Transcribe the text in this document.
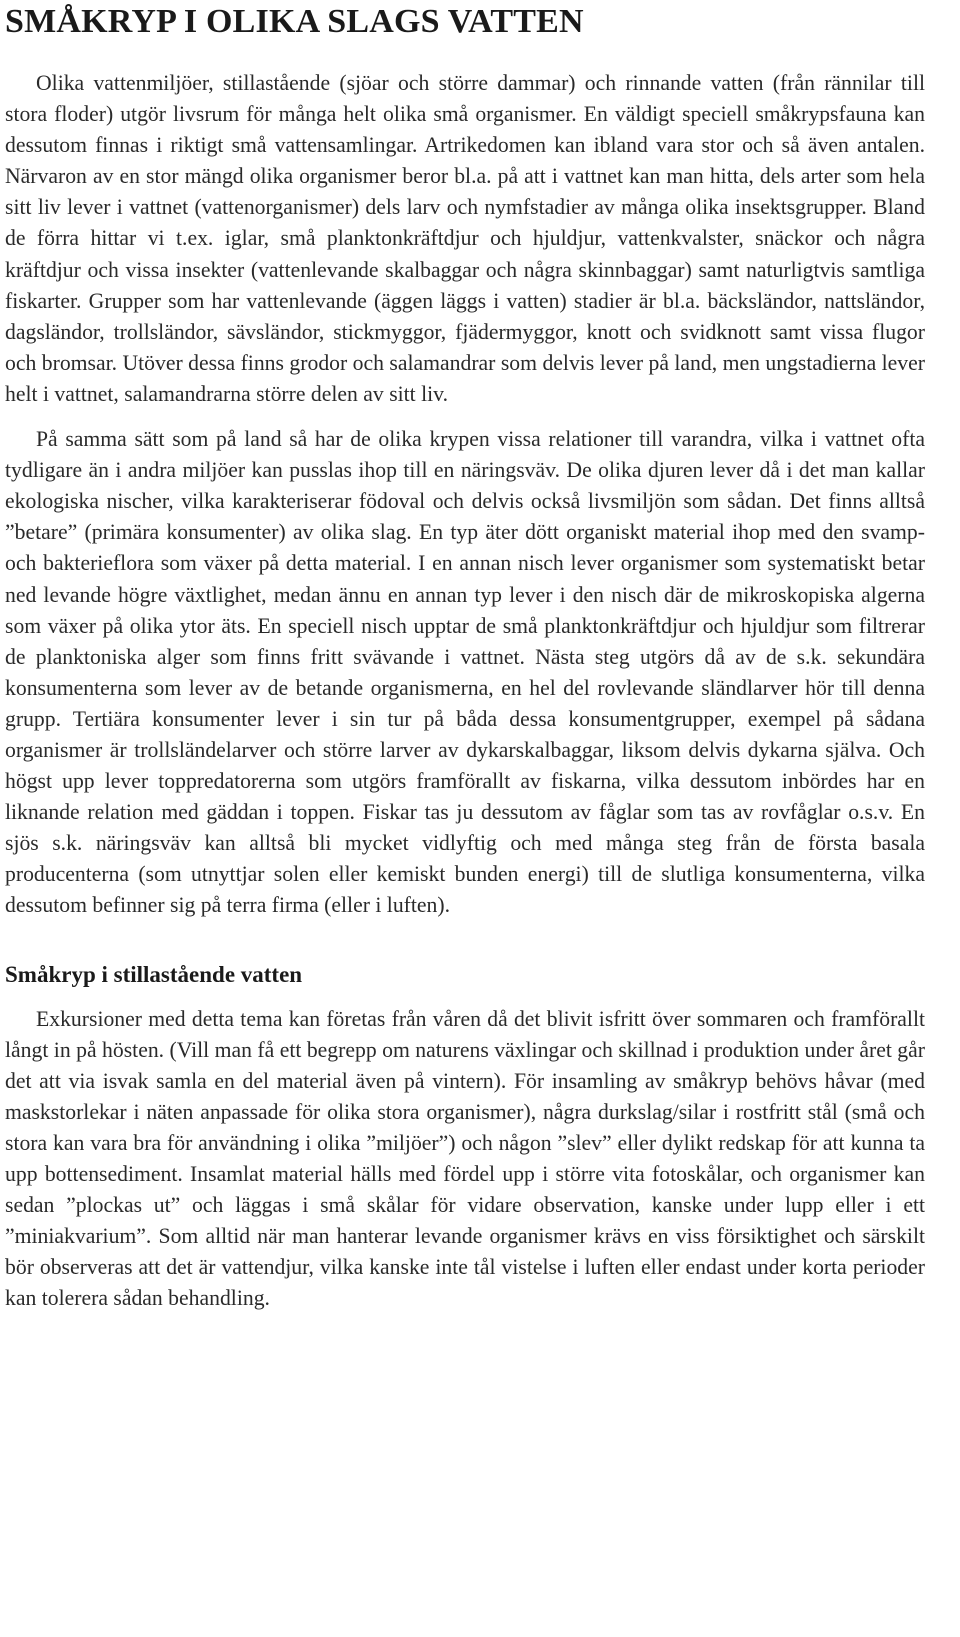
SMÅKRYP I OLIKA SLAGS VATTEN

Olika vattenmiljöer, stillastående (sjöar och större dammar) och rinnande vatten (från rännilar till stora floder) utgör livsrum för många helt olika små organismer. En väldigt speciell småkrypsfauna kan dessutom finnas i riktigt små vattensamlingar. Artrikedomen kan ibland vara stor och så även antalen. Närvaron av en stor mängd olika organismer beror bl.a. på att i vattnet kan man hitta, dels arter som hela sitt liv lever i vattnet (vattenorganismer) dels larv och nymfstadier av många olika insektsgrupper. Bland de förra hittar vi t.ex. iglar, små planktonkräftdjur och hjuldjur, vattenkvalster, snäckor och några kräftdjur och vissa insekter (vattenlevande skalbaggar och några skinnbaggar) samt naturligtvis samtliga fiskarter. Grupper som har vattenlevande (äggen läggs i vatten) stadier är bl.a. bäcksländor, nattsländor, dagsländor, trollsländor, sävsländor, stickmyggor, fjädermyggor, knott och svidknott samt vissa flugor och bromsar. Utöver dessa finns grodor och salamandrar som delvis lever på land, men ungstadierna lever helt i vattnet, salamandrarna större delen av sitt liv.

På samma sätt som på land så har de olika krypen vissa relationer till varandra, vilka i vattnet ofta tydligare än i andra miljöer kan pusslas ihop till en näringsväv. De olika djuren lever då i det man kallar ekologiska nischer, vilka karakteriserar födoval och delvis också livsmiljön som sådan. Det finns alltså ”betare” (primära konsumenter) av olika slag. En typ äter dött organiskt material ihop med den svamp- och bakterieflora som växer på detta material. I en annan nisch lever organismer som systematiskt betar ned levande högre växtlighet, medan ännu en annan typ lever i den nisch där de mikroskopiska algerna som växer på olika ytor äts. En speciell nisch upptar de små planktonkräftdjur och hjuldjur som filtrerar de planktoniska alger som finns fritt svävande i vattnet. Nästa steg utgörs då av de s.k. sekundära konsumenterna som lever av de betande organismerna, en hel del rovlevande sländlarver hör till denna grupp. Tertiära konsumenter lever i sin tur på båda dessa konsumentgrupper, exempel på sådana organismer är trollsländelarver och större larver av dykarskalbaggar, liksom delvis dykarna själva. Och högst upp lever toppredatorerna som utgörs framförallt av fiskarna, vilka dessutom inbördes har en liknande relation med gäddan i toppen. Fiskar tas ju dessutom av fåglar som tas av rovfåglar o.s.v. En sjös s.k. näringsväv kan alltså bli mycket vidlyftig och med många steg från de första basala producenterna (som utnyttjar solen eller kemiskt bunden energi) till de slutliga konsumenterna, vilka dessutom befinner sig på terra firma (eller i luften).

Småkryp i stillastående vatten

Exkursioner med detta tema kan företas från våren då det blivit isfritt över sommaren och framförallt långt in på hösten. (Vill man få ett begrepp om naturens växlingar och skillnad i produktion under året går det att via isvak samla en del material även på vintern). För insamling av småkryp behövs håvar (med maskstorlekar i näten anpassade för olika stora organismer), några durkslag/silar i rostfritt stål (små och stora kan vara bra för användning i olika ”miljöer”) och någon ”slev” eller dylikt redskap för att kunna ta upp bottensediment. Insamlat material hälls med fördel upp i större vita fotoskålar, och organismer kan sedan ”plockas ut” och läggas i små skålar för vidare observation, kanske under lupp eller i ett ”miniakvarium”. Som alltid när man hanterar levande organismer krävs en viss försiktighet och särskilt bör observeras att det är vattendjur, vilka kanske inte tål vistelse i luften eller endast under korta perioder kan tolerera sådan behandling.
